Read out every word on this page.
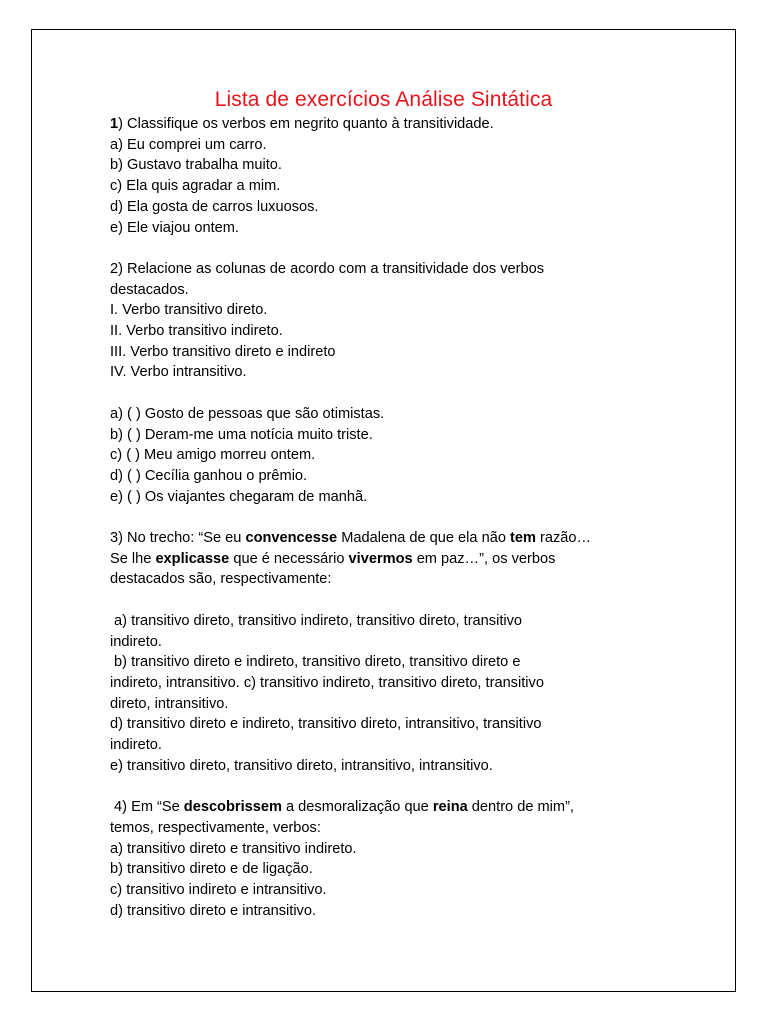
Lista de exercícios Análise Sintática

1) Classifique os verbos em negrito quanto à transitividade.

a) Eu comprei um carro.

b) Gustavo trabalha muito.

c) Ela quis agradar a mim.

d) Ela gosta de carros luxuosos.

e) Ele viajou ontem.

2) Relacione as colunas de acordo com a transitividade dos verbos

destacados.

I. Verbo transitivo direto.

II. Verbo transitivo indireto.

III. Verbo transitivo direto e indireto

IV. Verbo intransitivo.

a) ( ) Gosto de pessoas que são otimistas.

b) ( ) Deram-me uma notícia muito triste.

c) ( ) Meu amigo morreu ontem.

d) ( ) Cecília ganhou o prêmio.

e) ( ) Os viajantes chegaram de manhã.

3) No trecho: “Se eu convencesse Madalena de que ela não tem razão…

Se lhe explicasse que é necessário vivermos em paz…”, os verbos

destacados são, respectivamente:

a) transitivo direto, transitivo indireto, transitivo direto, transitivo

indireto.

b) transitivo direto e indireto, transitivo direto, transitivo direto e

indireto, intransitivo. c) transitivo indireto, transitivo direto, transitivo

direto, intransitivo.

d) transitivo direto e indireto, transitivo direto, intransitivo, transitivo

indireto.

e) transitivo direto, transitivo direto, intransitivo, intransitivo.

4) Em “Se descobrissem a desmoralização que reina dentro de mim”,

temos, respectivamente, verbos:

a) transitivo direto e transitivo indireto.

b) transitivo direto e de ligação.

c) transitivo indireto e intransitivo.

d) transitivo direto e intransitivo.
